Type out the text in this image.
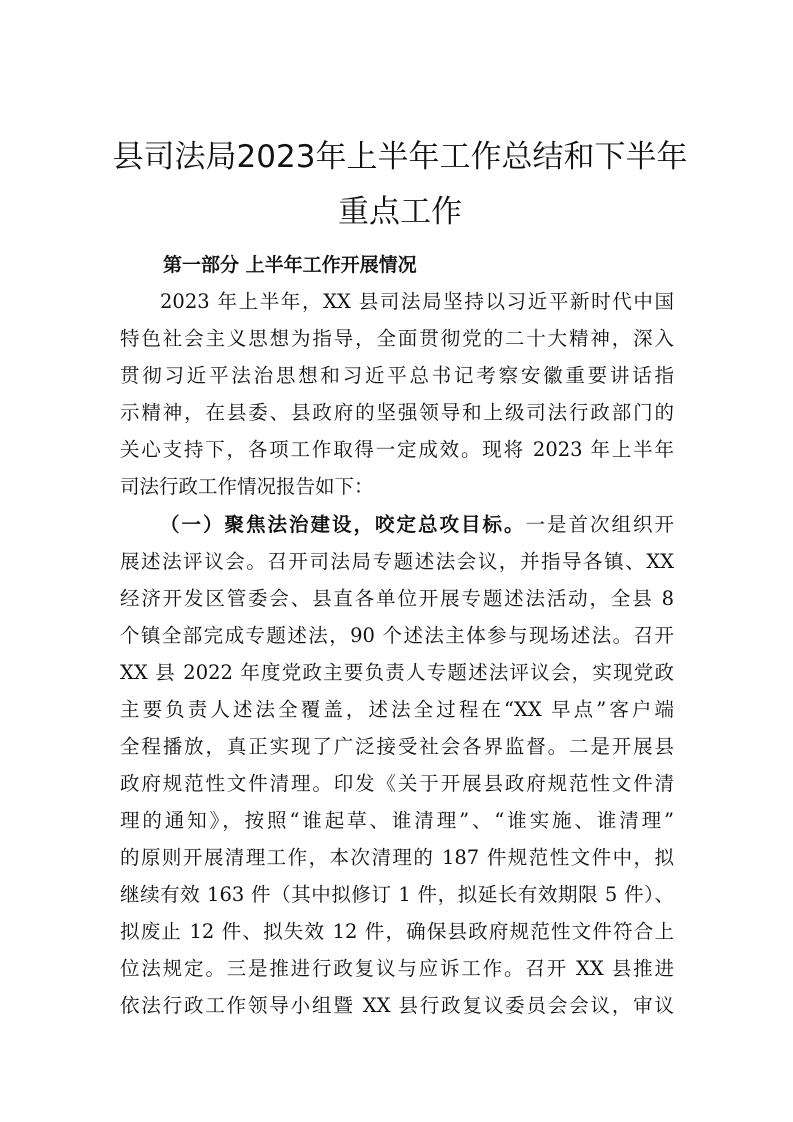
县司法局2023年上半年工作总结和下半年
重点工作
第一部分 上半年工作开展情况
2023 年上半年，XX 县司法局坚持以习近平新时代中国
特色社会主义思想为指导，全面贯彻党的二十大精神，深入
贯彻习近平法治思想和习近平总书记考察安徽重要讲话指
示精神，在县委、县政府的坚强领导和上级司法行政部门的
关心支持下，各项工作取得一定成效。现将 2023 年上半年
司法行政工作情况报告如下：
（一）聚焦法治建设，咬定总攻目标。一是首次组织开
展述法评议会。召开司法局专题述法会议，并指导各镇、XX
经济开发区管委会、县直各单位开展专题述法活动，全县 8
个镇全部完成专题述法，90 个述法主体参与现场述法。召开
XX 县 2022 年度党政主要负责人专题述法评议会，实现党政
主要负责人述法全覆盖，述法全过程在“XX 早点”客户端
全程播放，真正实现了广泛接受社会各界监督。二是开展县
政府规范性文件清理。印发《关于开展县政府规范性文件清
理的通知》，按照“谁起草、谁清理”、“谁实施、谁清理”
的原则开展清理工作，本次清理的 187 件规范性文件中，拟
继续有效 163 件（其中拟修订 1 件，拟延长有效期限 5 件）、
拟废止 12 件、拟失效 12 件，确保县政府规范性文件符合上
位法规定。三是推进行政复议与应诉工作。召开 XX 县推进
依法行政工作领导小组暨 XX 县行政复议委员会会议，审议
